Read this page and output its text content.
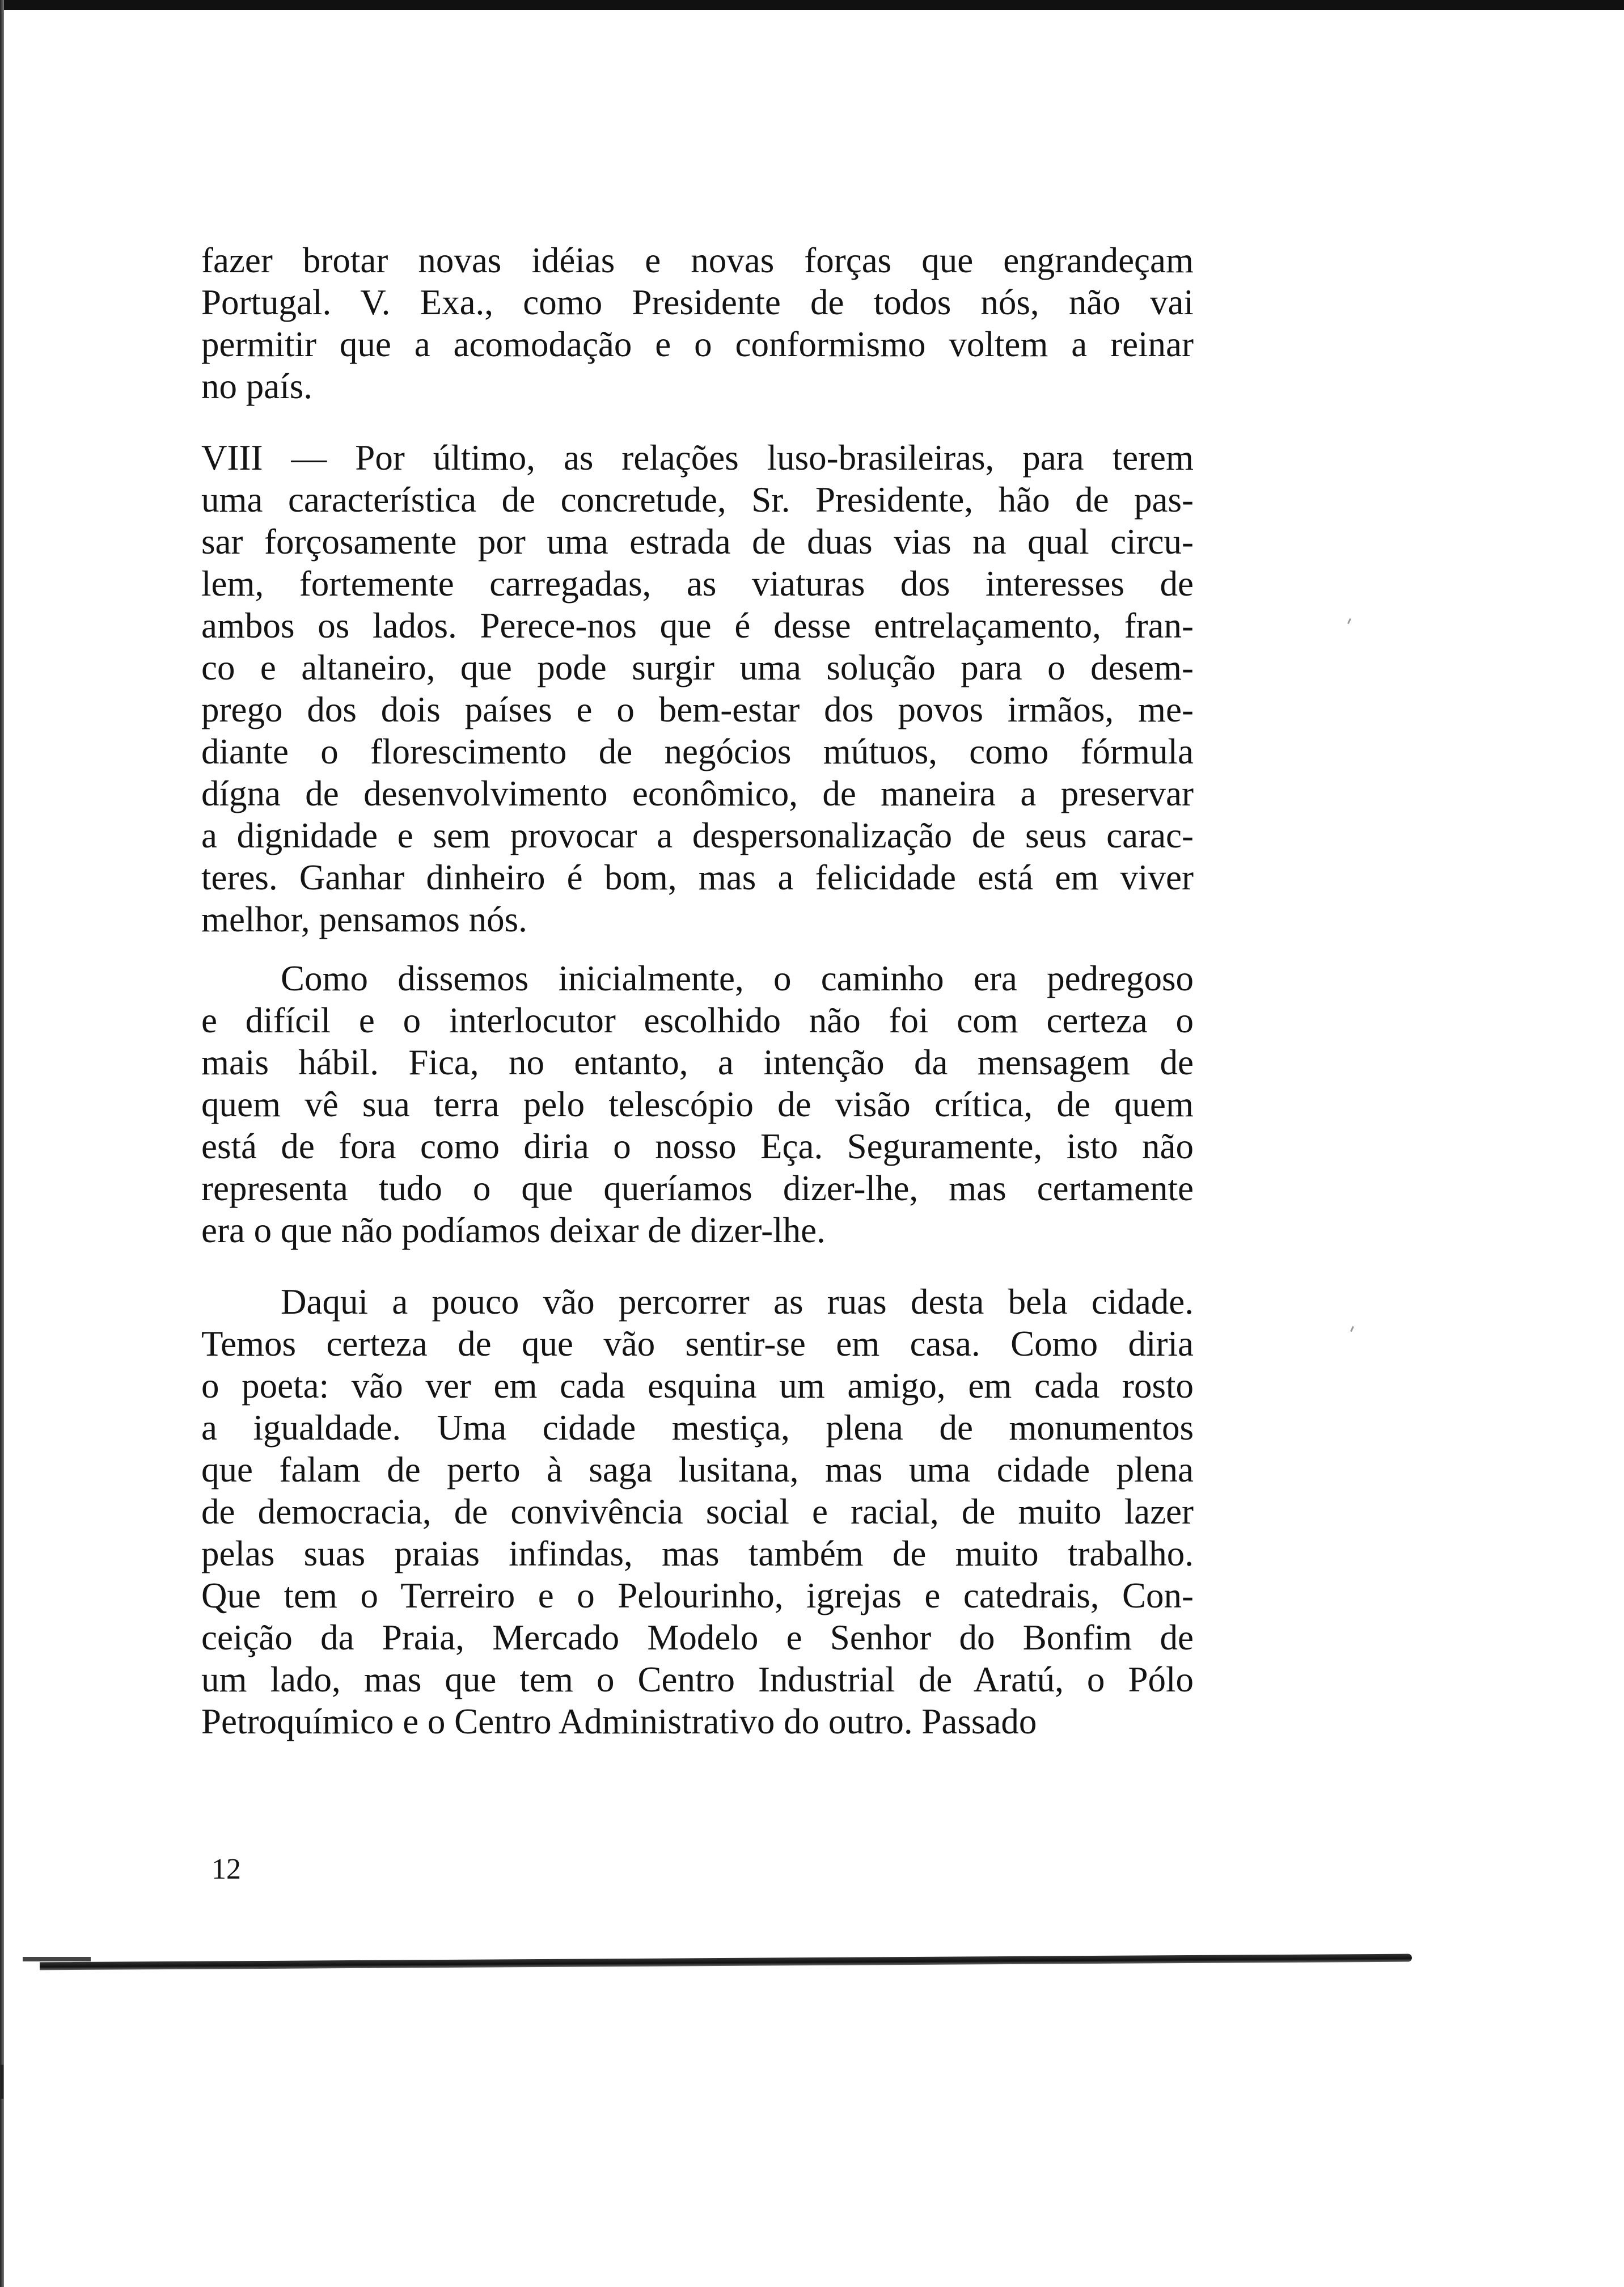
fazer brotar novas idéias e novas forças que engrandeçam
Portugal. V. Exa., como Presidente de todos nós, não vai
permitir que a acomodação e o conformismo voltem a reinar
no país.

VIII — Por último, as relações luso-brasileiras, para terem
uma característica de concretude, Sr. Presidente, hão de pas-
sar forçosamente por uma estrada de duas vias na qual circu-
lem, fortemente carregadas, as viaturas dos interesses de
ambos os lados. Perece-nos que é desse entrelaçamento, fran-
co e altaneiro, que pode surgir uma solução para o desem-
prego dos dois países e o bem-estar dos povos irmãos, me-
diante o florescimento de negócios mútuos, como fórmula
dígna de desenvolvimento econômico, de maneira a preservar
a dignidade e sem provocar a despersonalização de seus carac-
teres. Ganhar dinheiro é bom, mas a felicidade está em viver
melhor, pensamos nós.

Como dissemos inicialmente, o caminho era pedregoso
e difícil e o interlocutor escolhido não foi com certeza o
mais hábil. Fica, no entanto, a intenção da mensagem de
quem vê sua terra pelo telescópio de visão crítica, de quem
está de fora como diria o nosso Eça. Seguramente, isto não
representa tudo o que queríamos dizer-lhe, mas certamente
era o que não podíamos deixar de dizer-lhe.

Daqui a pouco vão percorrer as ruas desta bela cidade.
Temos certeza de que vão sentir-se em casa. Como diria
o poeta: vão ver em cada esquina um amigo, em cada rosto
a igualdade. Uma cidade mestiça, plena de monumentos
que falam de perto à saga lusitana, mas uma cidade plena
de democracia, de convivência social e racial, de muito lazer
pelas suas praias infindas, mas também de muito trabalho.
Que tem o Terreiro e o Pelourinho, igrejas e catedrais, Con-
ceição da Praia, Mercado Modelo e Senhor do Bonfim de
um lado, mas que tem o Centro Industrial de Aratú, o Pólo
Petroquímico e o Centro Administrativo do outro. Passado

12
